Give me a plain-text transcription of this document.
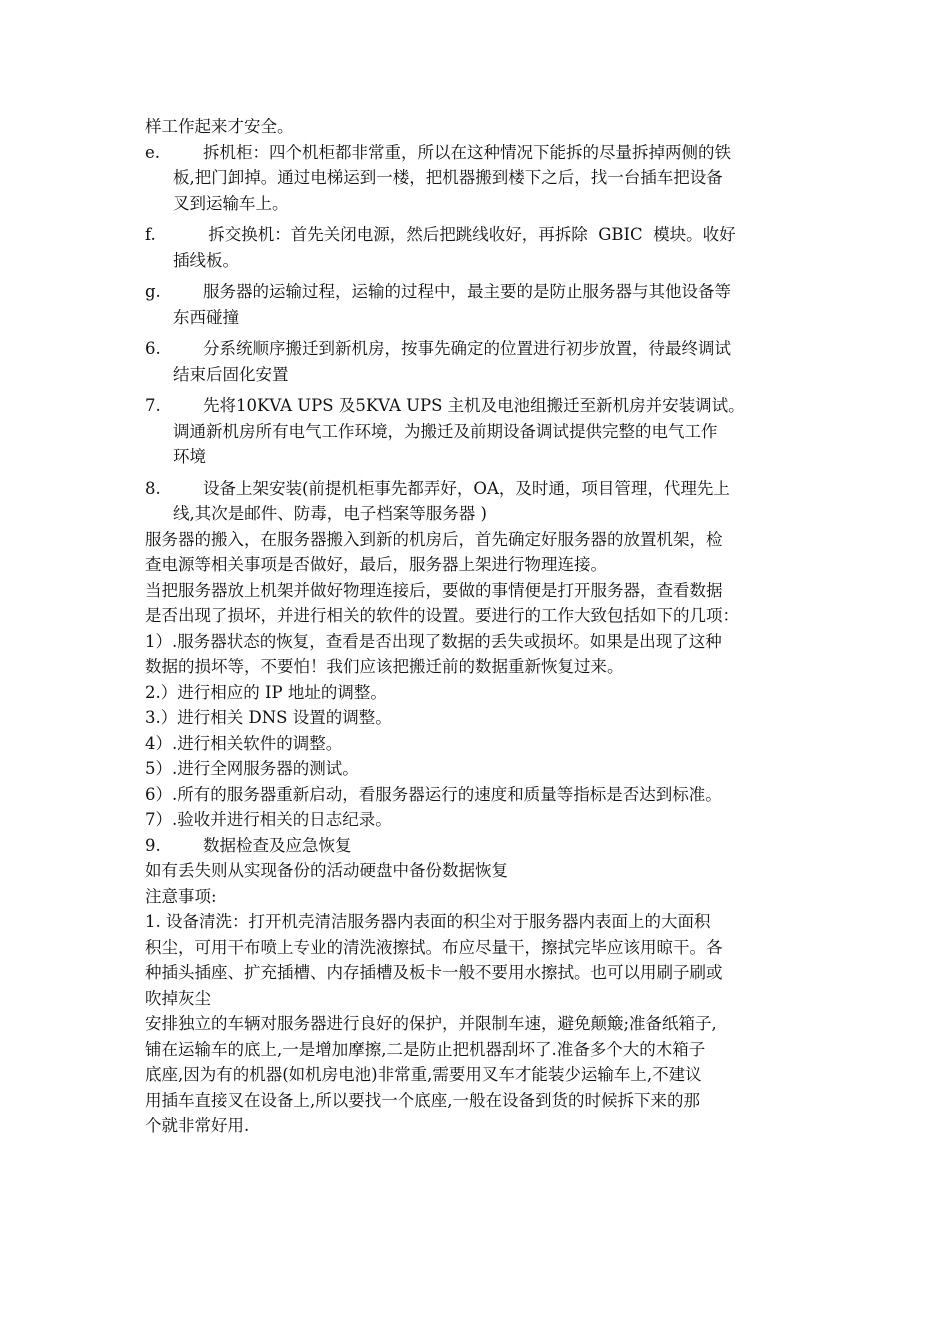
样工作起来才安全。
e.	拆机柜：四个机柜都非常重，所以在这种情况下能拆的尽量拆掉两侧的铁
板,把门卸掉。通过电梯运到一楼，把机器搬到楼下之后，找一台插车把设备
叉到运输车上。
f.	拆交换机：首先关闭电源，然后把跳线收好，再拆除  GBIC  模块。收好
插线板。
g.	服务器的运输过程，运输的过程中，最主要的是防止服务器与其他设备等
东西碰撞
6.	分系统顺序搬迁到新机房，按事先确定的位置进行初步放置，待最终调试
结束后固化安置
7.	先将10KVA UPS 及5KVA UPS 主机及电池组搬迁至新机房并安装调试。
调通新机房所有电气工作环境，为搬迁及前期设备调试提供完整的电气工作
环境
8.	设备上架安装(前提机柜事先都弄好，OA，及时通，项目管理，代理先上
线,其次是邮件、防毒，电子档案等服务器 )
服务器的搬入，在服务器搬入到新的机房后，首先确定好服务器的放置机架，检
查电源等相关事项是否做好，最后，服务器上架进行物理连接。
当把服务器放上机架并做好物理连接后，要做的事情便是打开服务器，查看数据
是否出现了损坏，并进行相关的软件的设置。要进行的工作大致包括如下的几项：
1）.服务器状态的恢复，查看是否出现了数据的丢失或损坏。如果是出现了这种
数据的损坏等，不要怕！我们应该把搬迁前的数据重新恢复过来。
2.）进行相应的 IP 地址的调整。
3.）进行相关 DNS 设置的调整。
4）.进行相关软件的调整。
5）.进行全网服务器的测试。
6）.所有的服务器重新启动，看服务器运行的速度和质量等指标是否达到标准。
7）.验收并进行相关的日志纪录。
9.	数据检查及应急恢复
如有丢失则从实现备份的活动硬盘中备份数据恢复
注意事项:
1. 设备清洗：打开机壳清洁服务器内表面的积尘对于服务器内表面上的大面积
积尘，可用干布喷上专业的清洗液擦拭。布应尽量干，擦拭完毕应该用晾干。各
种插头插座、扩充插槽、内存插槽及板卡一般不要用水擦拭。也可以用刷子刷或
吹掉灰尘
安排独立的车辆对服务器进行良好的保护，并限制车速，避免颠簸;准备纸箱子,
铺在运输车的底上,一是增加摩擦,二是防止把机器刮坏了.准备多个大的木箱子
底座,因为有的机器(如机房电池)非常重,需要用叉车才能装少运输车上,不建议
用插车直接叉在设备上,所以要找一个底座,一般在设备到货的时候拆下来的那
个就非常好用.
